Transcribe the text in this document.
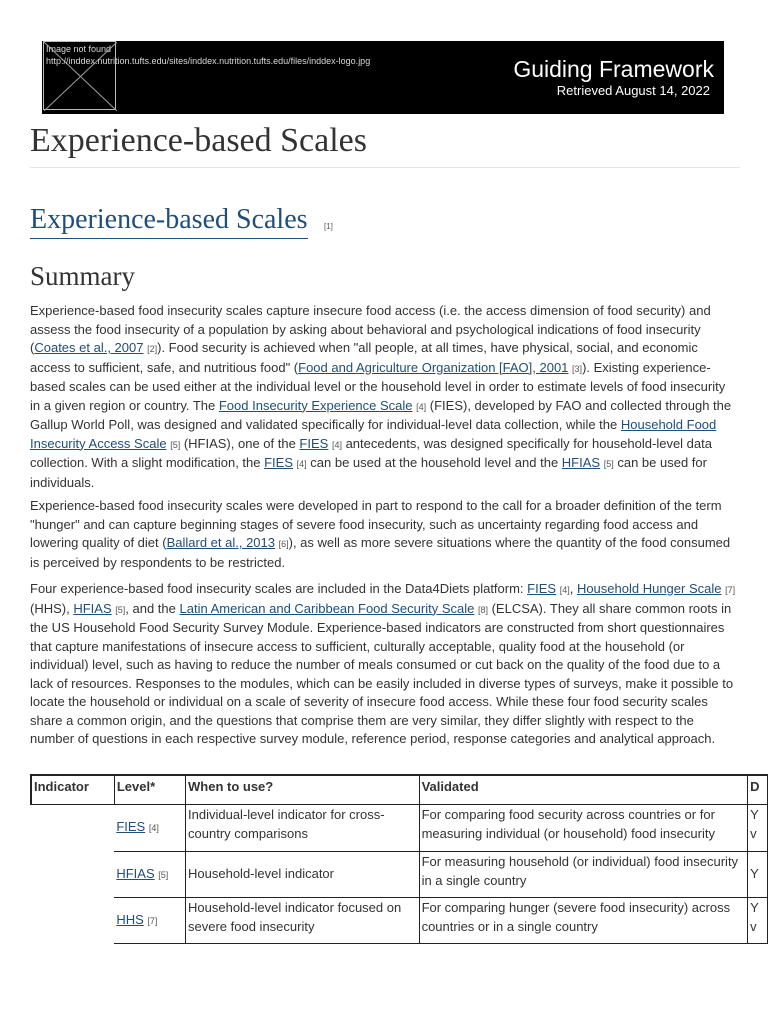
Image not found
http://inddex.nutrition.tufts.edu/sites/inddex.nutrition.tufts.edu/files/inddex-logo.jpg	Guiding Framework
Retrieved August 14, 2022
Experience-based Scales
Experience-based Scales [1]
Summary

Experience-based food insecurity scales capture insecure food access (i.e. the access dimension of food security) and assess the food insecurity of a population by asking about behavioral and psychological indications of food insecurity (Coates et al., 2007 [2]). Food security is achieved when "all people, at all times, have physical, social, and economic access to sufficient, safe, and nutritious food" (Food and Agriculture Organization [FAO], 2001 [3]). Existing experience-based scales can be used either at the individual level or the household level in order to estimate levels of food insecurity in a given region or country. The Food Insecurity Experience Scale [4] (FIES), developed by FAO and collected through the Gallup World Poll, was designed and validated specifically for individual-level data collection, while the Household Food Insecurity Access Scale [5] (HFIAS), one of the FIES [4] antecedents, was designed specifically for household-level data collection. With a slight modification, the FIES [4] can be used at the household level and the HFIAS [5] can be used for individuals.

Experience-based food insecurity scales were developed in part to respond to the call for a broader definition of the term "hunger" and can capture beginning stages of severe food insecurity, such as uncertainty regarding food access and lowering quality of diet (Ballard et al., 2013 [6]), as well as more severe situations where the quantity of the food consumed is perceived by respondents to be restricted.

Four experience-based food insecurity scales are included in the Data4Diets platform: FIES [4], Household Hunger Scale [7] (HHS), HFIAS [5], and the Latin American and Caribbean Food Security Scale [8] (ELCSA). They all share common roots in the US Household Food Security Survey Module. Experience-based indicators are constructed from short questionnaires that capture manifestations of insecure access to sufficient, culturally acceptable, quality food at the household (or individual) level, such as having to reduce the number of meals consumed or cut back on the quality of the food due to a lack of resources. Responses to the modules, which can be easily included in diverse types of surveys, make it possible to locate the household or individual on a scale of severity of insecure food access. While these four food security scales share a common origin, and the questions that comprise them are very similar, they differ slightly with respect to the number of questions in each respective survey module, reference period, response categories and analytical approach.

Indicator	Level*	When to use?	Validated	D
	FIES [4]	Individual-level indicator for cross-country comparisons	For comparing food security across countries or for measuring individual (or household) food insecurity	Y
v
	HFIAS [5]	Household-level indicator	For measuring household (or individual) food insecurity in a single country	Y
	HHS [7]	Household-level indicator focused on severe food insecurity	For comparing hunger (severe food insecurity) across countries or in a single country	Y
v
